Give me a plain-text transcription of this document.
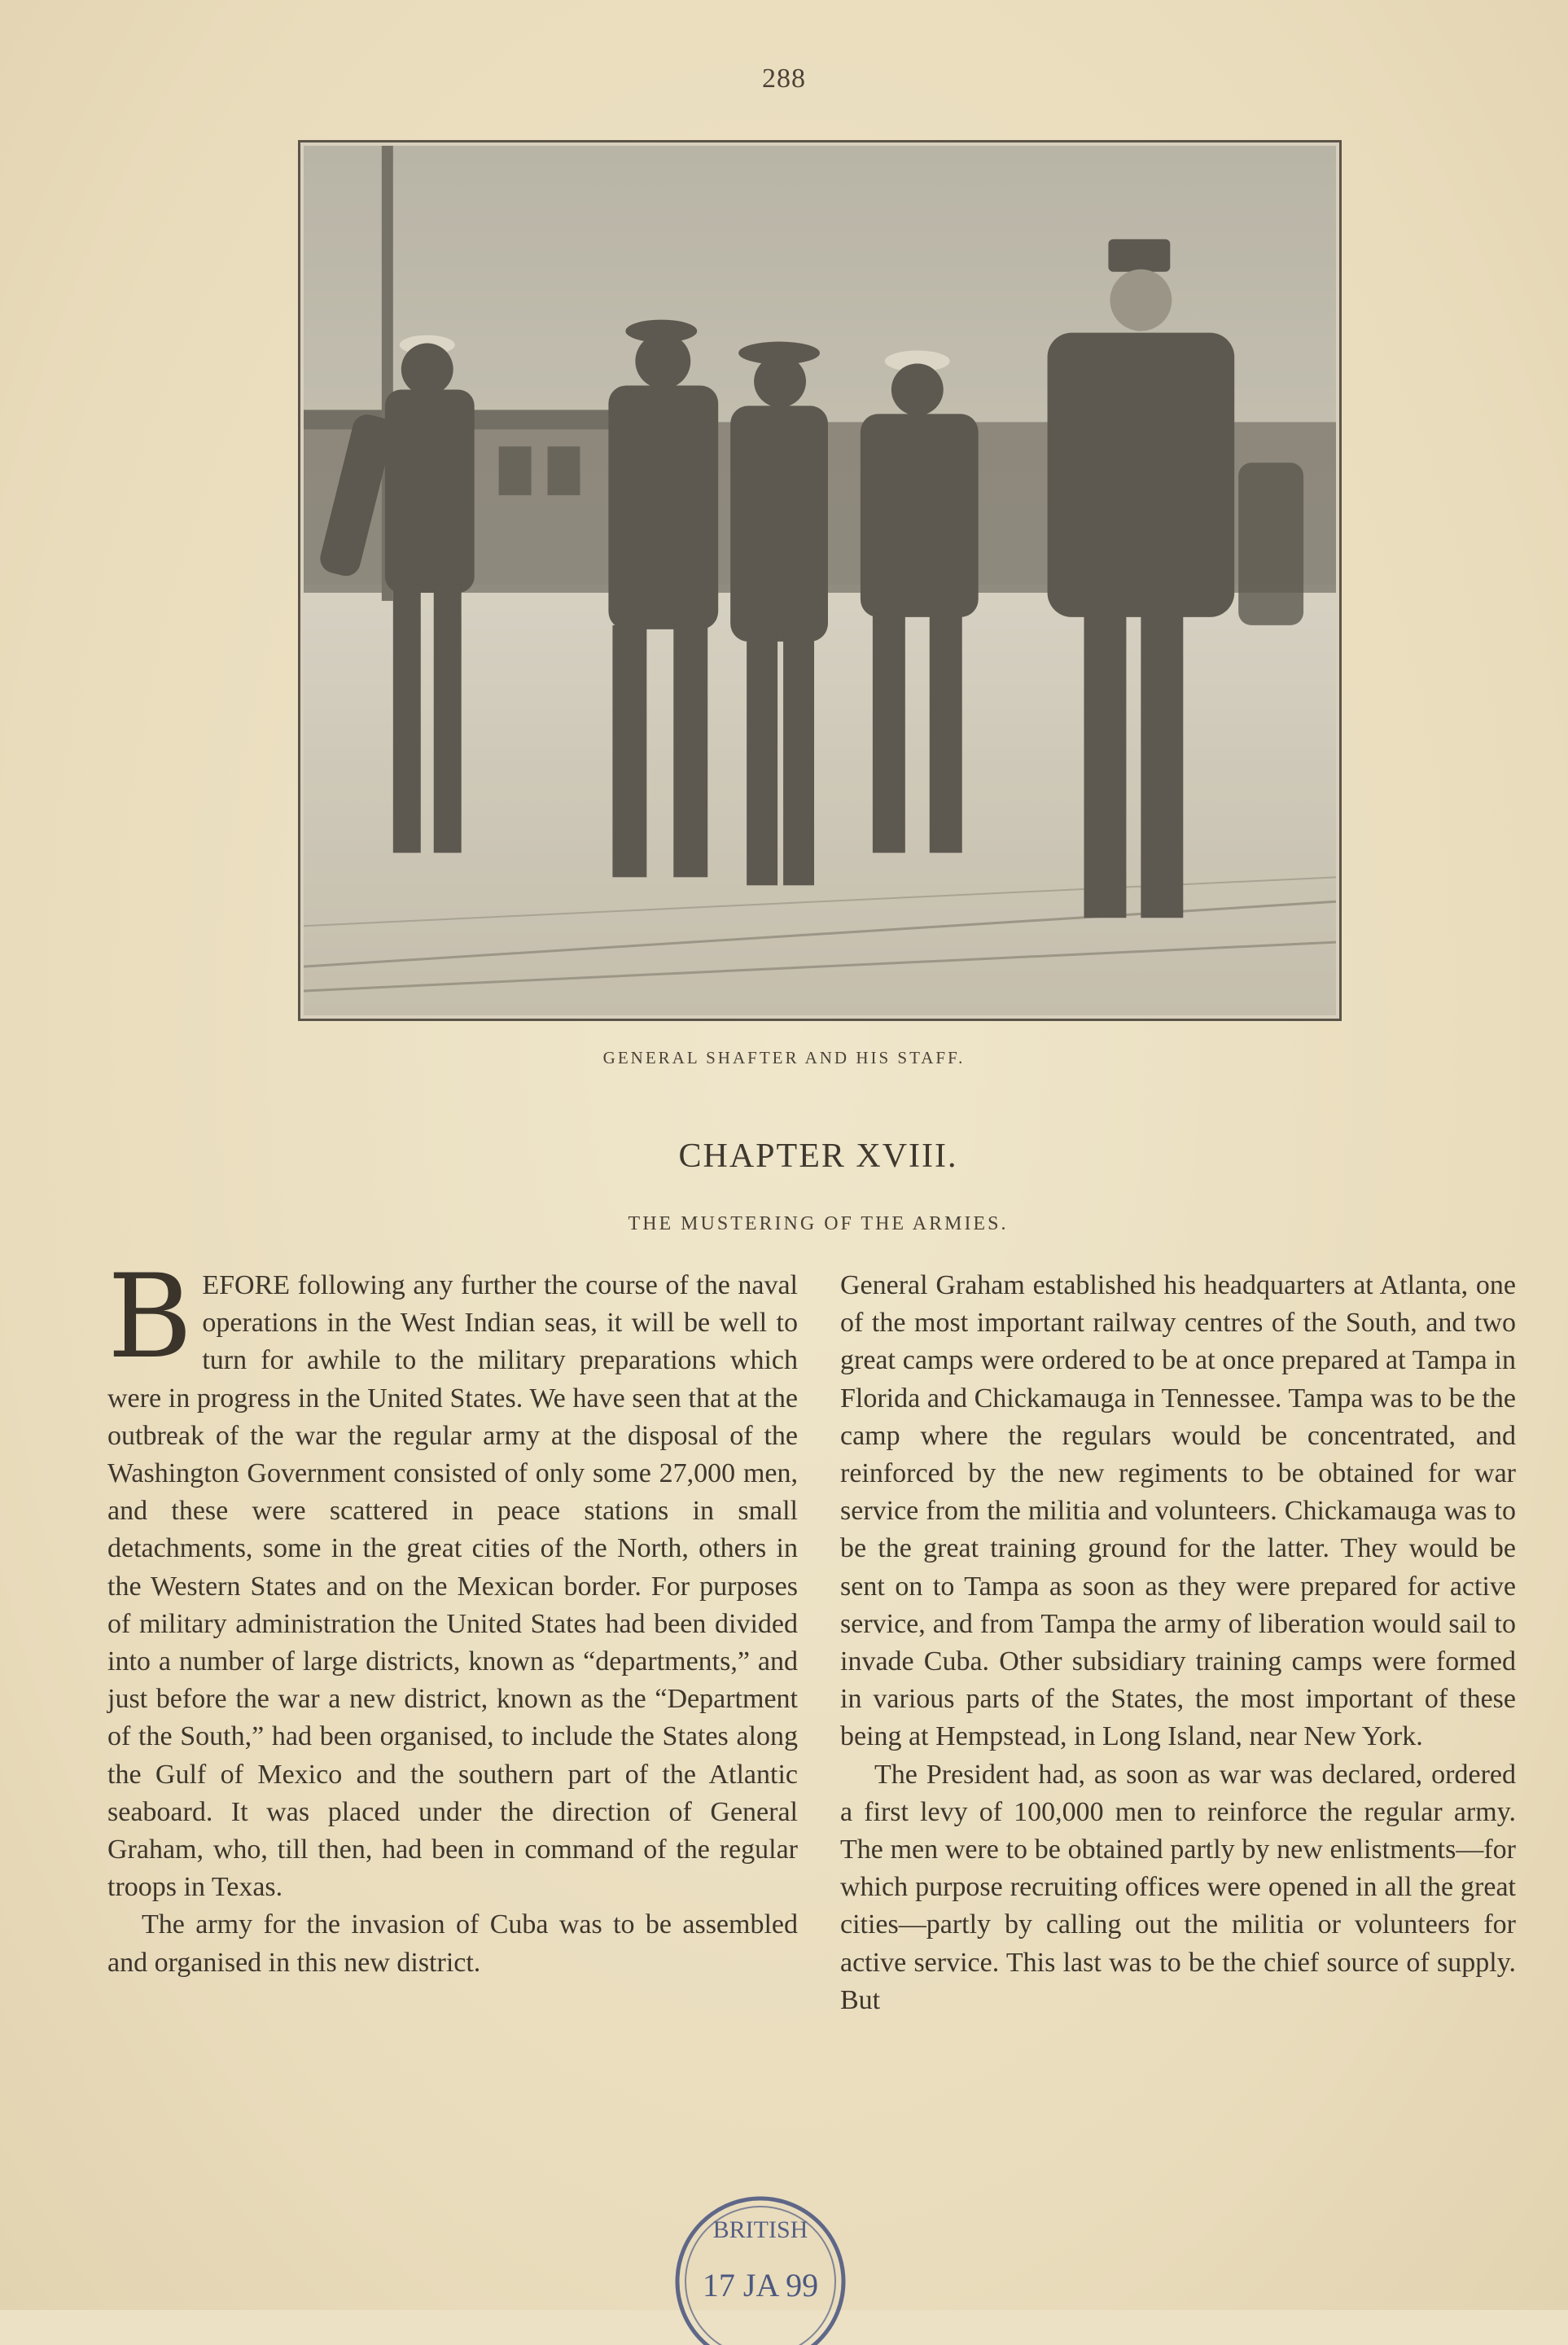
288
GENERAL SHAFTER AND HIS STAFF.
CHAPTER XVIII.
THE MUSTERING OF THE ARMIES.

BEFORE following any further the course of the naval operations in the West Indian seas, it will be well to turn for awhile to the military preparations which were in progress in the United States. We have seen that at the outbreak of the war the regular army at the disposal of the Washington Government consisted of only some 27,000 men, and these were scattered in peace stations in small detachments, some in the great cities of the North, others in the Western States and on the Mexican border. For purposes of military administration the United States had been divided into a number of large districts, known as “departments,” and just before the war a new district, known as the “Department of the South,” had been organised, to include the States along the Gulf of Mexico and the southern part of the Atlantic seaboard. It was placed under the direction of General Graham, who, till then, had been in command of the regular troops in Texas.

The army for the invasion of Cuba was to be assembled and organised in this new district.

General Graham established his headquarters at Atlanta, one of the most important railway centres of the South, and two great camps were ordered to be at once prepared at Tampa in Florida and Chickamauga in Tennessee. Tampa was to be the camp where the regulars would be concentrated, and reinforced by the new regiments to be obtained for war service from the militia and volunteers. Chickamauga was to be the great training ground for the latter. They would be sent on to Tampa as soon as they were prepared for active service, and from Tampa the army of liberation would sail to invade Cuba. Other subsidiary training camps were formed in various parts of the States, the most important of these being at Hempstead, in Long Island, near New York.

The President had, as soon as war was declared, ordered a first levy of 100,000 men to reinforce the regular army. The men were to be obtained partly by new enlistments—for which purpose recruiting offices were opened in all the great cities—partly by calling out the militia or volunteers for active service. This last was to be the chief source of supply. But

BRITISH
17 JA 99
